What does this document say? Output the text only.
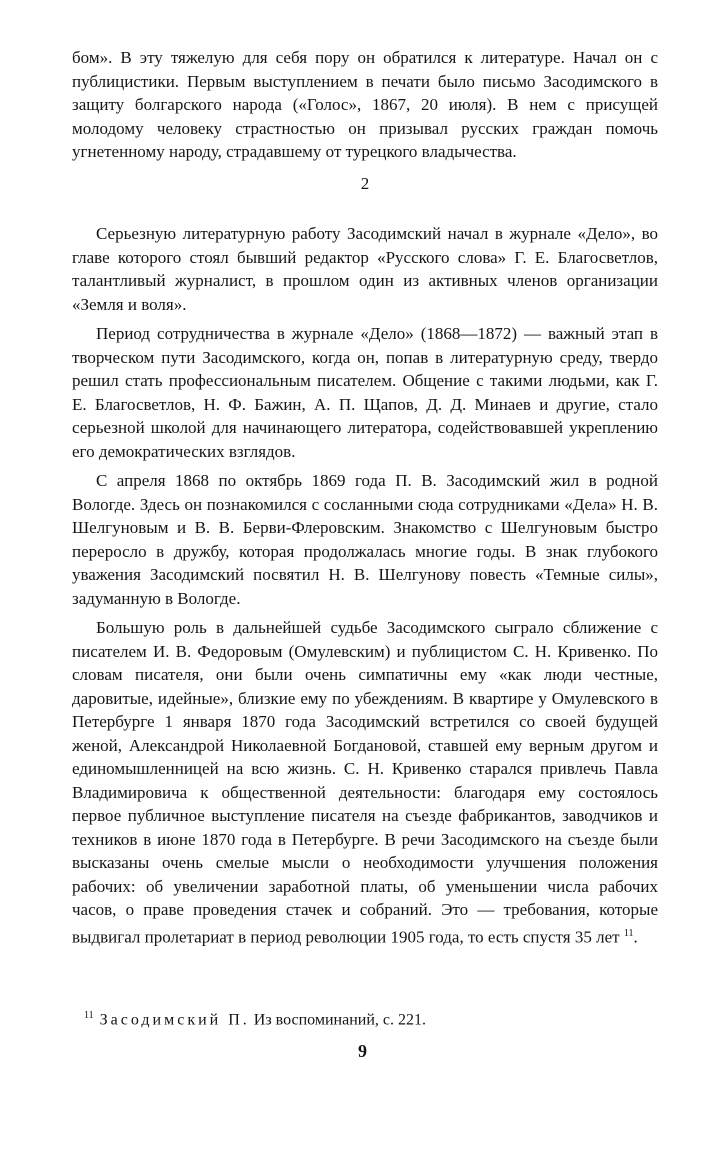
бом». В эту тяжелую для себя пору он обратился к литературе. Начал он с публицистики. Первым выступлением в печати было письмо Засодимского в защиту болгарского народа («Голос», 1867, 20 июля). В нем с присущей молодому человеку страстностью он призывал русских граждан помочь угнетенному народу, страдавшему от турецкого владычества.

2

Серьезную литературную работу Засодимский начал в журнале «Дело», во главе которого стоял бывший редактор «Русского слова» Г. Е. Благосветлов, талантливый журналист, в прошлом один из активных членов организации «Земля и воля».

Период сотрудничества в журнале «Дело» (1868—1872) — важный этап в творческом пути Засодимского, когда он, попав в литературную среду, твердо решил стать профессиональным писателем. Общение с такими людьми, как Г. Е. Благосветлов, Н. Ф. Бажин, А. П. Щапов, Д. Д. Минаев и другие, стало серьезной школой для начинающего литератора, содействовавшей укреплению его демократических взглядов.

С апреля 1868 по октябрь 1869 года П. В. Засодимский жил в родной Вологде. Здесь он познакомился с сосланными сюда сотрудниками «Дела» Н. В. Шелгуновым и В. В. Берви-Флеровским. Знакомство с Шелгуновым быстро переросло в дружбу, которая продолжалась многие годы. В знак глубокого уважения Засодимский посвятил Н. В. Шелгунову повесть «Темные силы», задуманную в Вологде.

Большую роль в дальнейшей судьбе Засодимского сыграло сближение с писателем И. В. Федоровым (Омулевским) и публицистом С. Н. Кривенко. По словам писателя, они были очень симпатичны ему «как люди честные, даровитые, идейные», близкие ему по убеждениям. В квартире у Омулевского в Петербурге 1 января 1870 года Засодимский встретился со своей будущей женой, Александрой Николаевной Богдановой, ставшей ему верным другом и единомышленницей на всю жизнь. С. Н. Кривенко старался привлечь Павла Владимировича к общественной деятельности: благодаря ему состоялось первое публичное выступление писателя на съезде фабрикантов, заводчиков и техников в июне 1870 года в Петербурге. В речи Засодимского на съезде были высказаны очень смелые мысли о необходимости улучшения положения рабочих: об увеличении заработной платы, об уменьшении числа рабочих часов, о праве проведения стачек и собраний. Это — требования, которые выдвигал пролетариат в период революции 1905 года, то есть спустя 35 лет $^{11}$.

$^{11}$ Засодимский П. Из воспоминаний, с. 221.
9
